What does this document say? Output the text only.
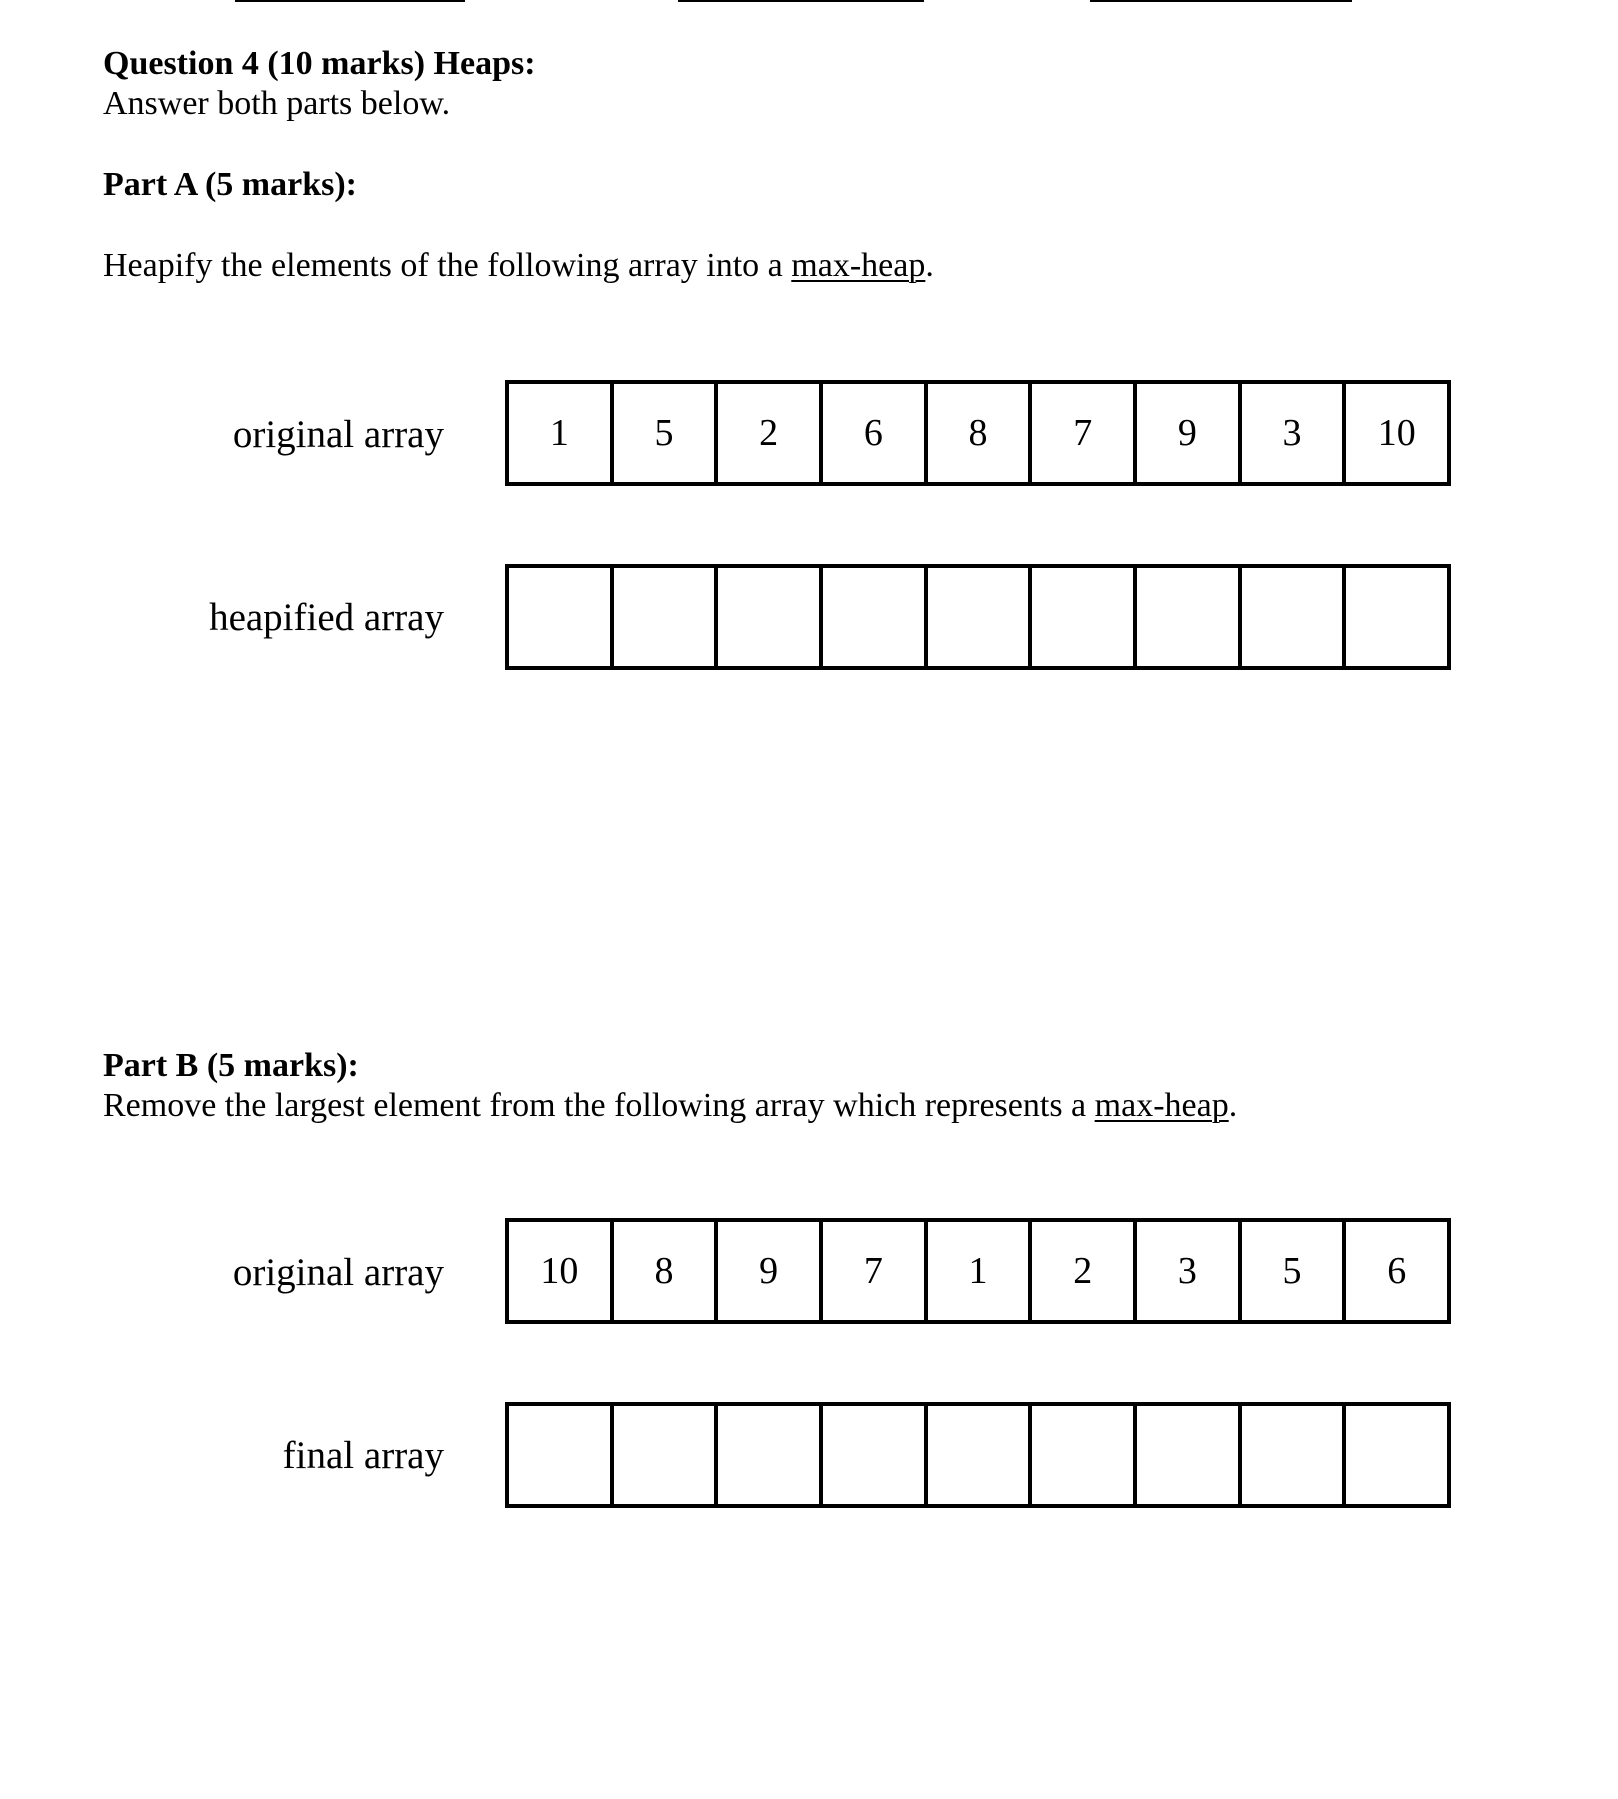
Question 4 (10 marks) Heaps:
Answer both parts below.
Part A (5 marks):
Heapify the elements of the following array into a max-heap.
original array	1	5	2	6	8	7	9	3	10
heapified array
Part B (5 marks):
Remove the largest element from the following array which represents a max-heap.
original array	10	8	9	7	1	2	3	5	6
final array
